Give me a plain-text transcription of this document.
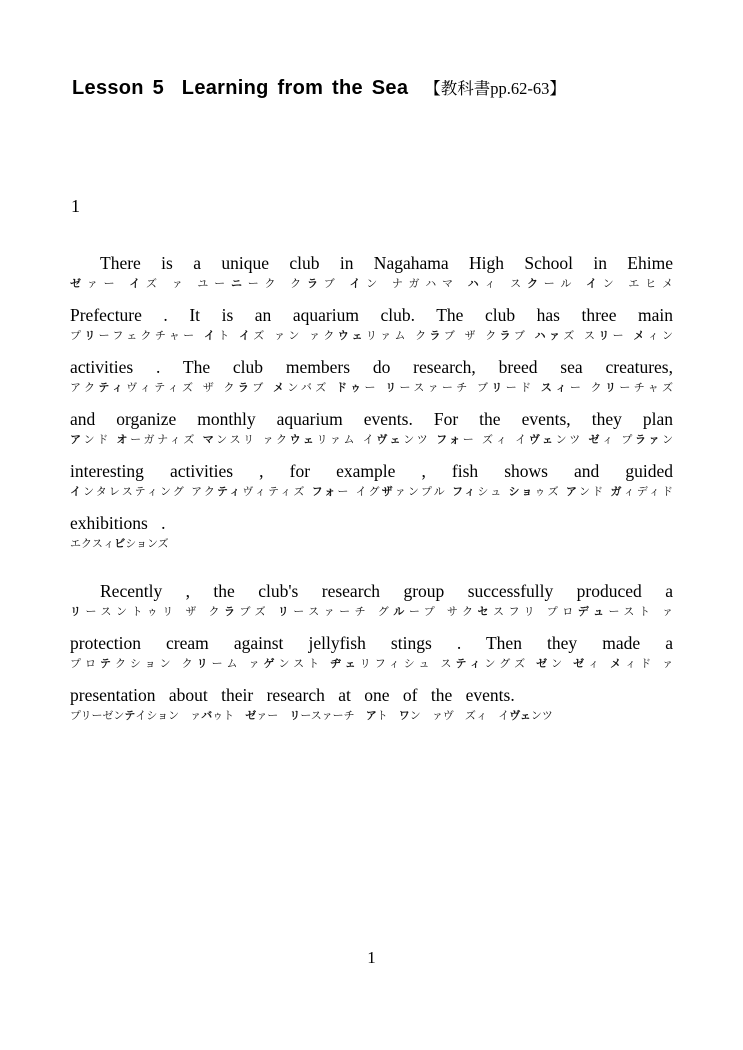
Lesson 5  Learning from the Sea 【教科書pp.62-63】
1
There is a unique club in Nagahama High School in Ehime
ゼァー イズ ァ ユーニーク クラブ イン ナガハマ ハィ スクール イン エヒメ
Prefecture . It is an aquarium club. The club has three main
プリーフェクチャー イト イズ ァン ァクウェリァム クラブ ザ クラブ ハァズ スリー メィン
activities . The club members do research, breed sea creatures,
アクティヴィティズ ザ クラブ メンバズ ドゥー リースァーチ ブリード スィー クリーチャズ
and organize monthly aquarium events. For the events, they plan
アンド オーガナィズ マンスリ ァクウェリァム イヴェンツ フォー ズィ イヴェンツ ゼィ プラァン
interesting activities , for example , fish shows and guided
インタレスティング アクティヴィティズ フォー イグザァンプル フィシュ ショゥズ アンド ガィディド
exhibitions .
エクスィビションズ
Recently , the club's research group successfully produced a
リースントゥリ ザ クラブズ リースァーチ グループ サクセスフリ プロデュースト ァ
protection cream against jellyfish stings . Then they made a
プロテクション クリーム ァゲンスト ヂェリフィシュ スティングズ ゼン ゼィ メィド ァ
presentation about their research at one of the events.
プリーゼンテイション ァバゥト ゼァー リースァーチ アト ワン ァヴ ズィ イヴェンツ
1
